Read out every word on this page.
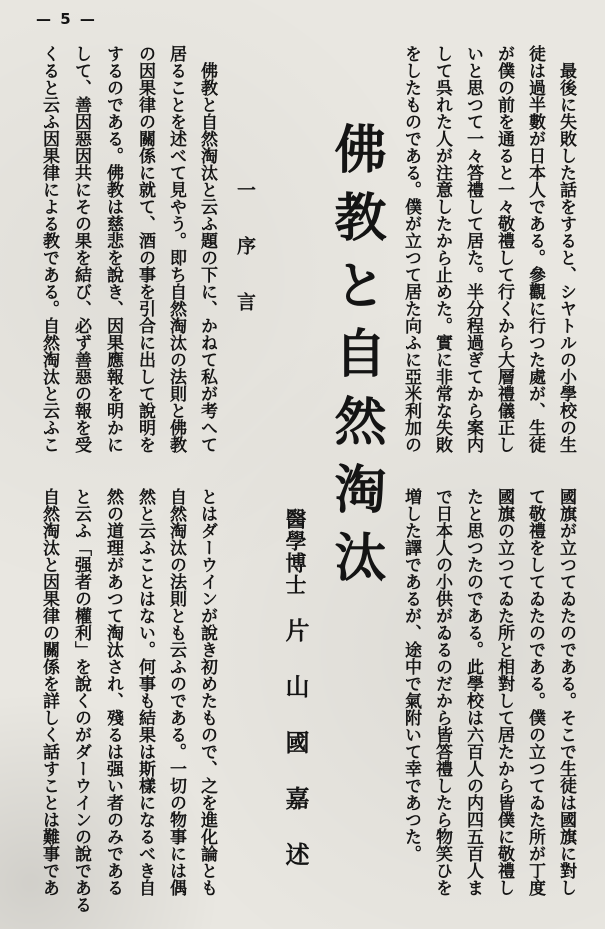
— 5 —
最後に失敗した話をすると、シヤトルの小學校の生
徒は過半數が日本人である。參觀に行つた處が、生徒
が僕の前を通ると一々敬禮して行くから大層禮儀正し
いと思つて一々答禮して居た。半分程過ぎてから案内
して呉れた人が注意したから止めた。實に非常な失敗
をしたものである。僕が立つて居た向ふに亞米利加の
國旗が立つてゐたのである。そこで生徒は國旗に對し
て敬禮をしてゐたのである。僕の立つてゐた所が丁度
國旗の立つてゐた所と相對して居たから皆僕に敬禮し
たと思つたのである。此學校は六百人の内四五百人ま
で日本人の小供がゐるのだから皆答禮したら物笑ひを
増した譯であるが、途中で氣附いて幸であつた。
佛教と自然淘汰
醫學博士片　山　國　嘉　述
一　序　言
佛教と自然淘汰と云ふ題の下に、かねて私が考へて
居ることを述べて見やう。即ち自然淘汰の法則と佛教
の因果律の關係に就て、酒の事を引合に出して說明を
するのである。佛教は慈悲を說き、因果應報を明かに
して、善因惡因共にその果を結び、必ず善惡の報を受
くると云ふ因果律による教である。自然淘汰と云ふこ
とはダーウインが說き初めたもので、之を進化論とも
自然淘汰の法則とも云ふのである。一切の物事には偶
然と云ふことはない。何事も結果は斯樣になるべき自
然の道理があつて淘汰され、殘るは强い者のみである
と云ふ「强者の權利」を說くのがダーウインの說である
自然淘汰と因果律の關係を詳しく話すことは難事であ
